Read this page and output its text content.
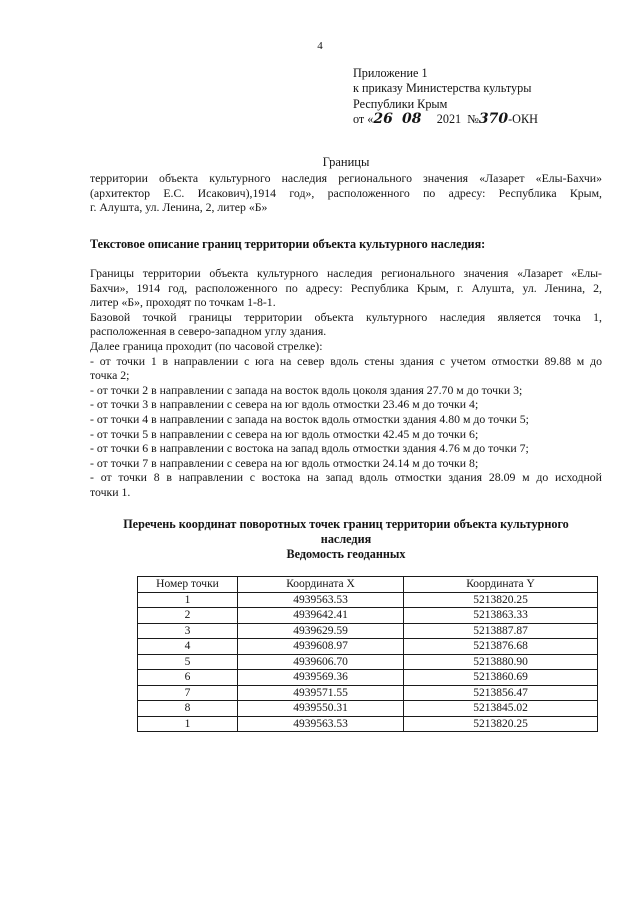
4
Приложение 1
к приказу Министерства культуры
Республики Крым
от «26 08 2021 №370-ОКН
Границы
территории объекта культурного наследия регионального значения «Лазарет «Елы-Бахчи»
(архитектор Е.С. Исакович),1914 год», расположенного по адресу: Республика Крым,
г. Алушта, ул. Ленина, 2, литер «Б»
Текстовое описание границ территории объекта культурного наследия:
Границы территории объекта культурного наследия регионального значения «Лазарет «Елы-
Бахчи», 1914 год, расположенного по адресу: Республика Крым, г. Алушта, ул. Ленина, 2,
литер «Б», проходят по точкам 1-8-1.
Базовой точкой границы территории объекта культурного наследия является точка 1,
расположенная в северо-западном углу здания.
Далее граница проходит (по часовой стрелке):
- от точки 1 в направлении с юга на север вдоль стены здания с учетом отмостки 89.88 м до
точка 2;
- от точки 2 в направлении с запада на восток вдоль цоколя здания 27.70 м до точки 3;
- от точки 3 в направлении с севера на юг вдоль отмостки 23.46 м до точки 4;
- от точки 4 в направлении с запада на восток вдоль отмостки здания 4.80 м до точки 5;
- от точки 5 в направлении с севера на юг вдоль отмостки 42.45 м до точки 6;
- от точки 6 в направлении с востока на запад вдоль отмостки здания 4.76 м до точки 7;
- от точки 7 в направлении с севера на юг вдоль отмостки 24.14 м до точки 8;
- от точки 8 в направлении с востока на запад вдоль отмостки здания 28.09 м до исходной
точки 1.
Перечень координат поворотных точек границ территории объекта культурного
наследия
Ведомость геоданных
Номер точки	Координата X	Координата Y
1	4939563.53	5213820.25
2	4939642.41	5213863.33
3	4939629.59	5213887.87
4	4939608.97	5213876.68
5	4939606.70	5213880.90
6	4939569.36	5213860.69
7	4939571.55	5213856.47
8	4939550.31	5213845.02
1	4939563.53	5213820.25
